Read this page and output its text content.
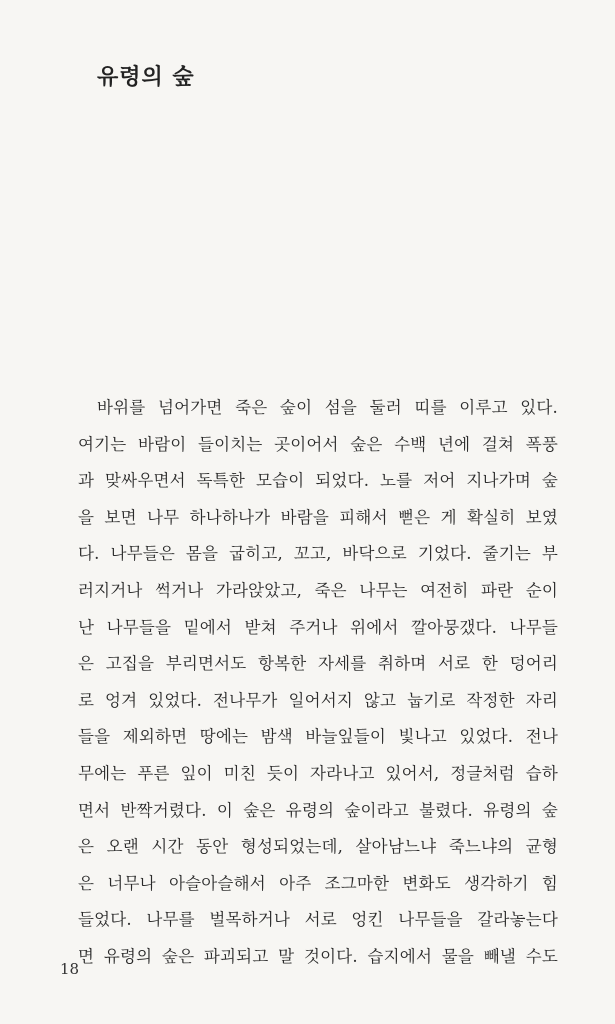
유령의 숲
바위를 넘어가면 죽은 숲이 섬을 둘러 띠를 이루고 있다.
여기는 바람이 들이치는 곳이어서 숲은 수백 년에 걸쳐 폭풍
과 맞싸우면서 독특한 모습이 되었다. 노를 저어 지나가며 숲
을 보면 나무 하나하나가 바람을 피해서 뻗은 게 확실히 보였
다. 나무들은 몸을 굽히고, 꼬고, 바닥으로 기었다. 줄기는 부
러지거나 썩거나 가라앉았고, 죽은 나무는 여전히 파란 순이
난 나무들을 밑에서 받쳐 주거나 위에서 깔아뭉갰다. 나무들
은 고집을 부리면서도 항복한 자세를 취하며 서로 한 덩어리
로 엉겨 있었다. 전나무가 일어서지 않고 눕기로 작정한 자리
들을 제외하면 땅에는 밤색 바늘잎들이 빛나고 있었다. 전나
무에는 푸른 잎이 미친 듯이 자라나고 있어서, 정글처럼 습하
면서 반짝거렸다. 이 숲은 유령의 숲이라고 불렸다. 유령의 숲
은 오랜 시간 동안 형성되었는데, 살아남느냐 죽느냐의 균형
은 너무나 아슬아슬해서 아주 조그마한 변화도 생각하기 힘
들었다. 나무를 벌목하거나 서로 엉킨 나무들을 갈라놓는다
면 유령의 숲은 파괴되고 말 것이다. 습지에서 물을 빼낼 수도
18
